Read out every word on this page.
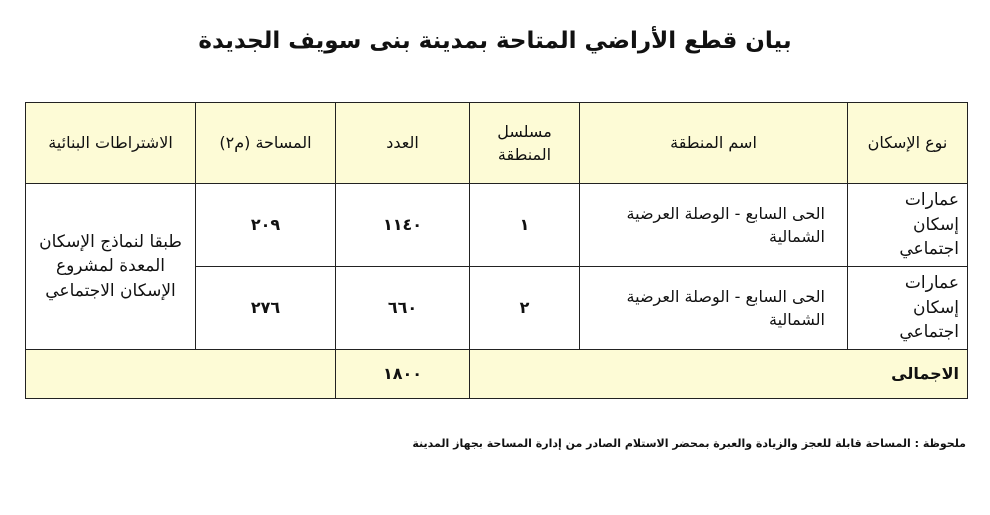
بيان قطع الأراضي المتاحة بمدينة بنى سويف الجديدة
نوع الإسكان	اسم المنطقة	مسلسل المنطقة	العدد	المساحة (م٢)	الاشتراطات البنائية
عمارات إسكان اجتماعي	الحى السابع - الوصلة العرضية الشمالية	١	١١٤٠	٢٠٩	طبقا لنماذج الإسكان المعدة لمشروع الإسكان الاجتماعي
عمارات إسكان اجتماعي	الحى السابع - الوصلة العرضية الشمالية	٢	٦٦٠	٢٧٦	
الاجمالى			١٨٠٠		
ملحوظة : المساحة قابلة للعجز والزيادة والعبرة بمحضر الاستلام الصادر من إدارة المساحة بجهاز المدينة
